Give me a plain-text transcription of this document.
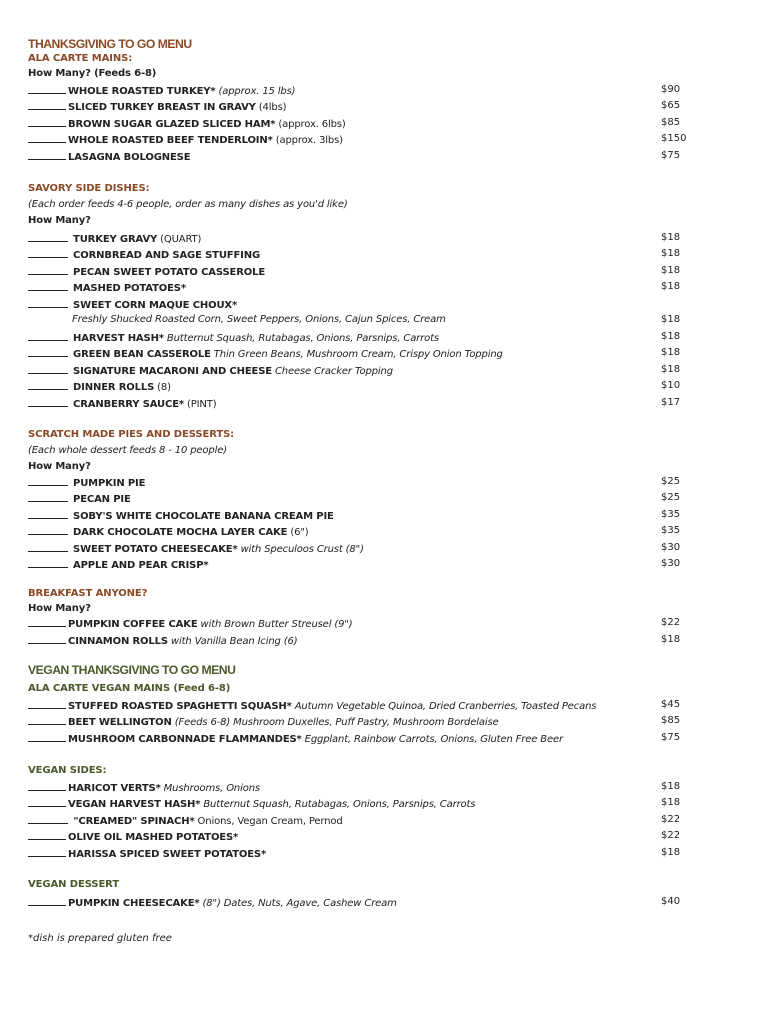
THANKSGIVING TO GO MENU
ALA CARTE MAINS:
How Many? (Feeds 6-8)
WHOLE ROASTED TURKEY* (approx. 15 lbs)	$90
SLICED TURKEY BREAST IN GRAVY (4lbs)	$65
BROWN SUGAR GLAZED SLICED HAM* (approx. 6lbs)	$85
WHOLE ROASTED BEEF TENDERLOIN* (approx. 3lbs)	$150
LASAGNA BOLOGNESE	$75
SAVORY SIDE DISHES:
(Each order feeds 4-6 people, order as many dishes as you'd like)
How Many?
TURKEY GRAVY (QUART)	$18
CORNBREAD AND SAGE STUFFING	$18
PECAN SWEET POTATO CASSEROLE	$18
MASHED POTATOES*	$18
SWEET CORN MAQUE CHOUX*
Freshly Shucked Roasted Corn, Sweet Peppers, Onions, Cajun Spices, Cream	$18
HARVEST HASH* Butternut Squash, Rutabagas, Onions, Parsnips, Carrots	$18
GREEN BEAN CASSEROLE Thin Green Beans, Mushroom Cream, Crispy Onion Topping	$18
SIGNATURE MACARONI AND CHEESE Cheese Cracker Topping	$18
DINNER ROLLS (8)	$10
CRANBERRY SAUCE* (PINT)	$17
SCRATCH MADE PIES AND DESSERTS:
(Each whole dessert feeds 8 - 10 people)
How Many?
PUMPKIN PIE	$25
PECAN PIE	$25
SOBY'S WHITE CHOCOLATE BANANA CREAM PIE	$35
DARK CHOCOLATE MOCHA LAYER CAKE (6")	$35
SWEET POTATO CHEESECAKE* with Speculoos Crust (8")	$30
APPLE AND PEAR CRISP*	$30
BREAKFAST ANYONE?
How Many?
PUMPKIN COFFEE CAKE with Brown Butter Streusel (9")	$22
CINNAMON ROLLS with Vanilla Bean Icing (6)	$18
VEGAN THANKSGIVING TO GO MENU
ALA CARTE VEGAN MAINS (Feed 6-8)
STUFFED ROASTED SPAGHETTI SQUASH* Autumn Vegetable Quinoa, Dried Cranberries, Toasted Pecans	$45
BEET WELLINGTON (Feeds 6-8) Mushroom Duxelles, Puff Pastry, Mushroom Bordelaise	$85
MUSHROOM CARBONNADE FLAMMANDES* Eggplant, Rainbow Carrots, Onions, Gluten Free Beer	$75
VEGAN SIDES:
HARICOT VERTS* Mushrooms, Onions	$18
VEGAN HARVEST HASH* Butternut Squash, Rutabagas, Onions, Parsnips, Carrots	$18
"CREAMED" SPINACH* Onions, Vegan Cream, Pernod	$22
OLIVE OIL MASHED POTATOES*	$22
HARISSA SPICED SWEET POTATOES*	$18
VEGAN DESSERT
PUMPKIN CHEESECAKE* (8") Dates, Nuts, Agave, Cashew Cream	$40
*dish is prepared gluten free
